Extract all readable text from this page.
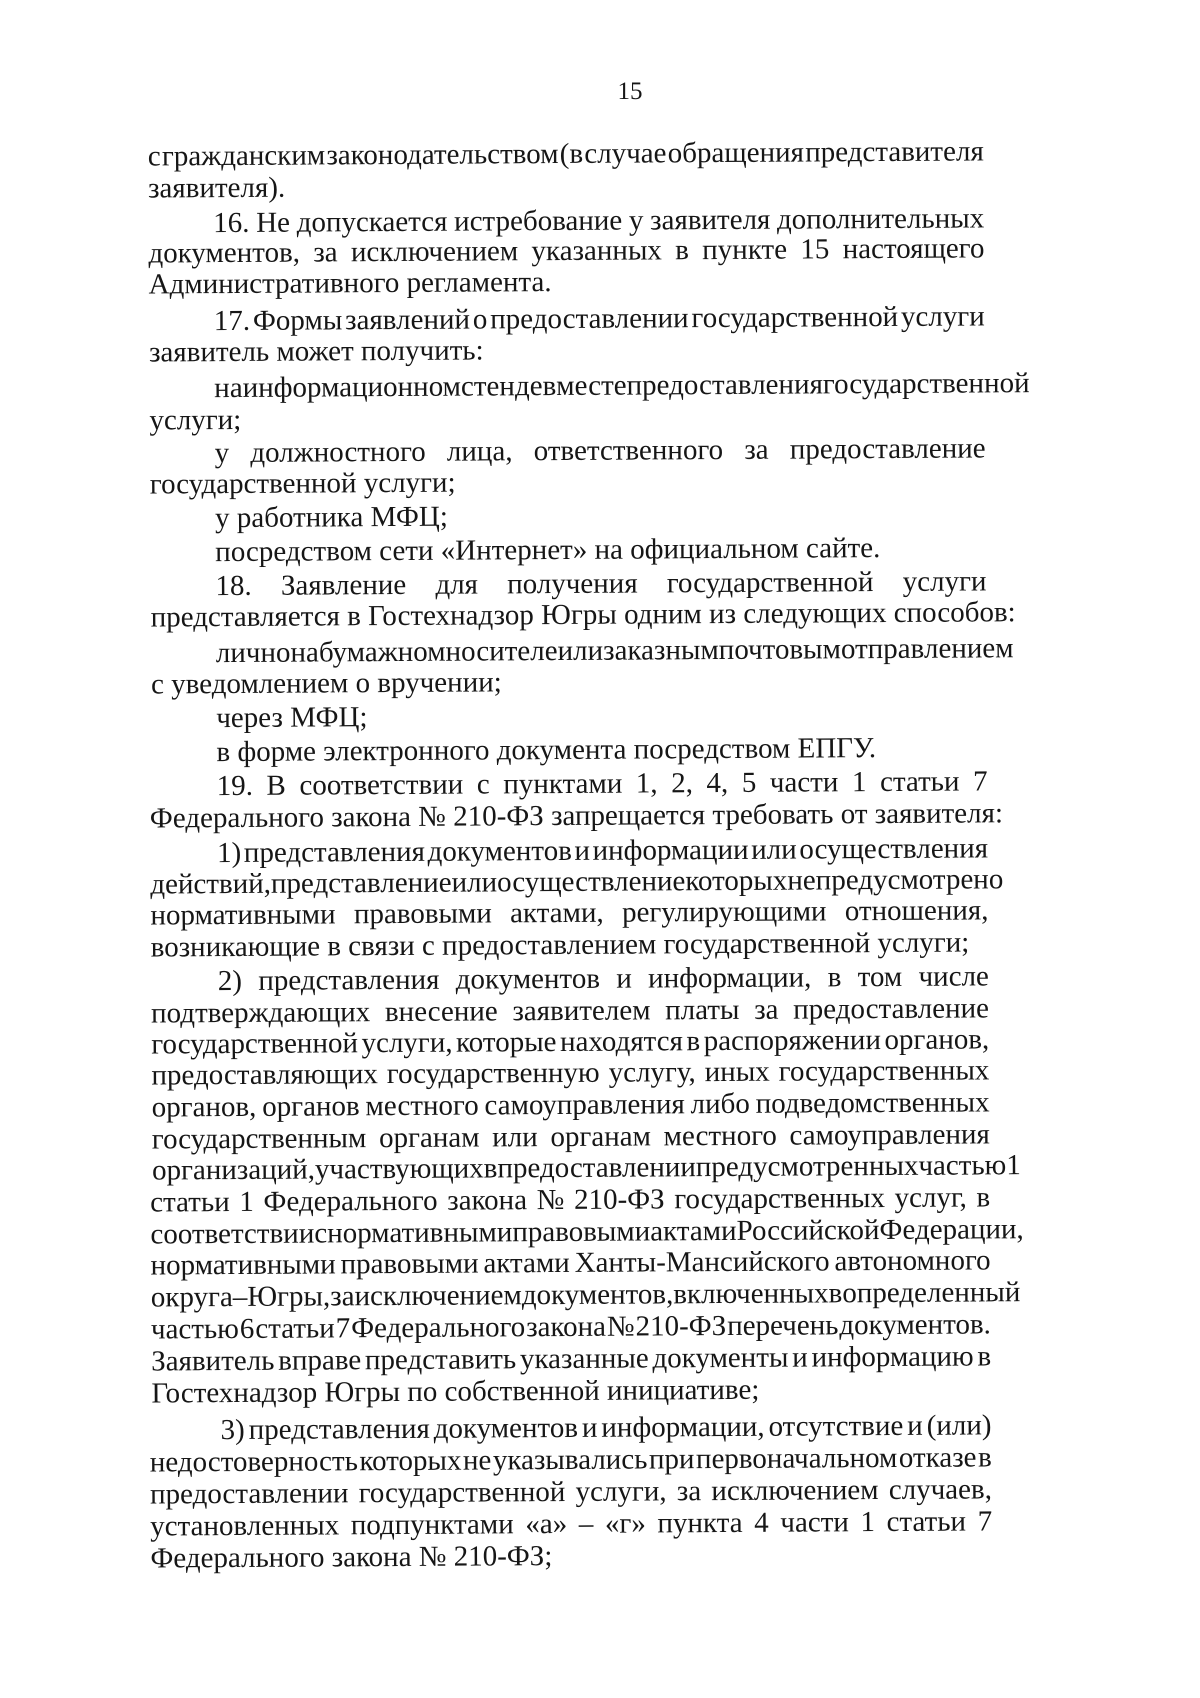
15
с гражданским законодательством (в случае обращения представителя
заявителя).
16. Не допускается истребование у заявителя дополнительных
документов, за исключением указанных в пункте 15 настоящего
Административного регламента.
17. Формы заявлений о предоставлении государственной услуги
заявитель может получить:
на информационном стенде в месте предоставления государственной
услуги;
у должностного лица, ответственного за предоставление
государственной услуги;
у работника МФЦ;
посредством сети «Интернет» на официальном сайте.
18. Заявление для получения государственной услуги
представляется в Гостехнадзор Югры одним из следующих способов:
лично на бумажном носителе или заказным почтовым отправлением
с уведомлением о вручении;
через МФЦ;
в форме электронного документа посредством ЕПГУ.
19. В соответствии с пунктами 1, 2, 4, 5 части 1 статьи 7
Федерального закона № 210-ФЗ запрещается требовать от заявителя:
1) представления документов и информации или осуществления
действий, представление или осуществление которых не предусмотрено
нормативными правовыми актами, регулирующими отношения,
возникающие в связи с предоставлением государственной услуги;
2) представления документов и информации, в том числе
подтверждающих внесение заявителем платы за предоставление
государственной услуги, которые находятся в распоряжении органов,
предоставляющих государственную услугу, иных государственных
органов, органов местного самоуправления либо подведомственных
государственным органам или органам местного самоуправления
организаций, участвующих в предоставлении предусмотренных частью 1
статьи 1 Федерального закона № 210-ФЗ государственных услуг, в
соответствии с нормативными правовыми актами Российской Федерации,
нормативными правовыми актами Ханты-Мансийского автономного
округа – Югры, за исключением документов, включенных в определенный
частью 6 статьи 7 Федерального закона № 210-ФЗ перечень документов.
Заявитель вправе представить указанные документы и информацию в
Гостехнадзор Югры по собственной инициативе;
3) представления документов и информации, отсутствие и (или)
недостоверность которых не указывались при первоначальном отказе в
предоставлении государственной услуги, за исключением случаев,
установленных подпунктами «а» – «г» пункта 4 части 1 статьи 7
Федерального закона № 210-ФЗ;
